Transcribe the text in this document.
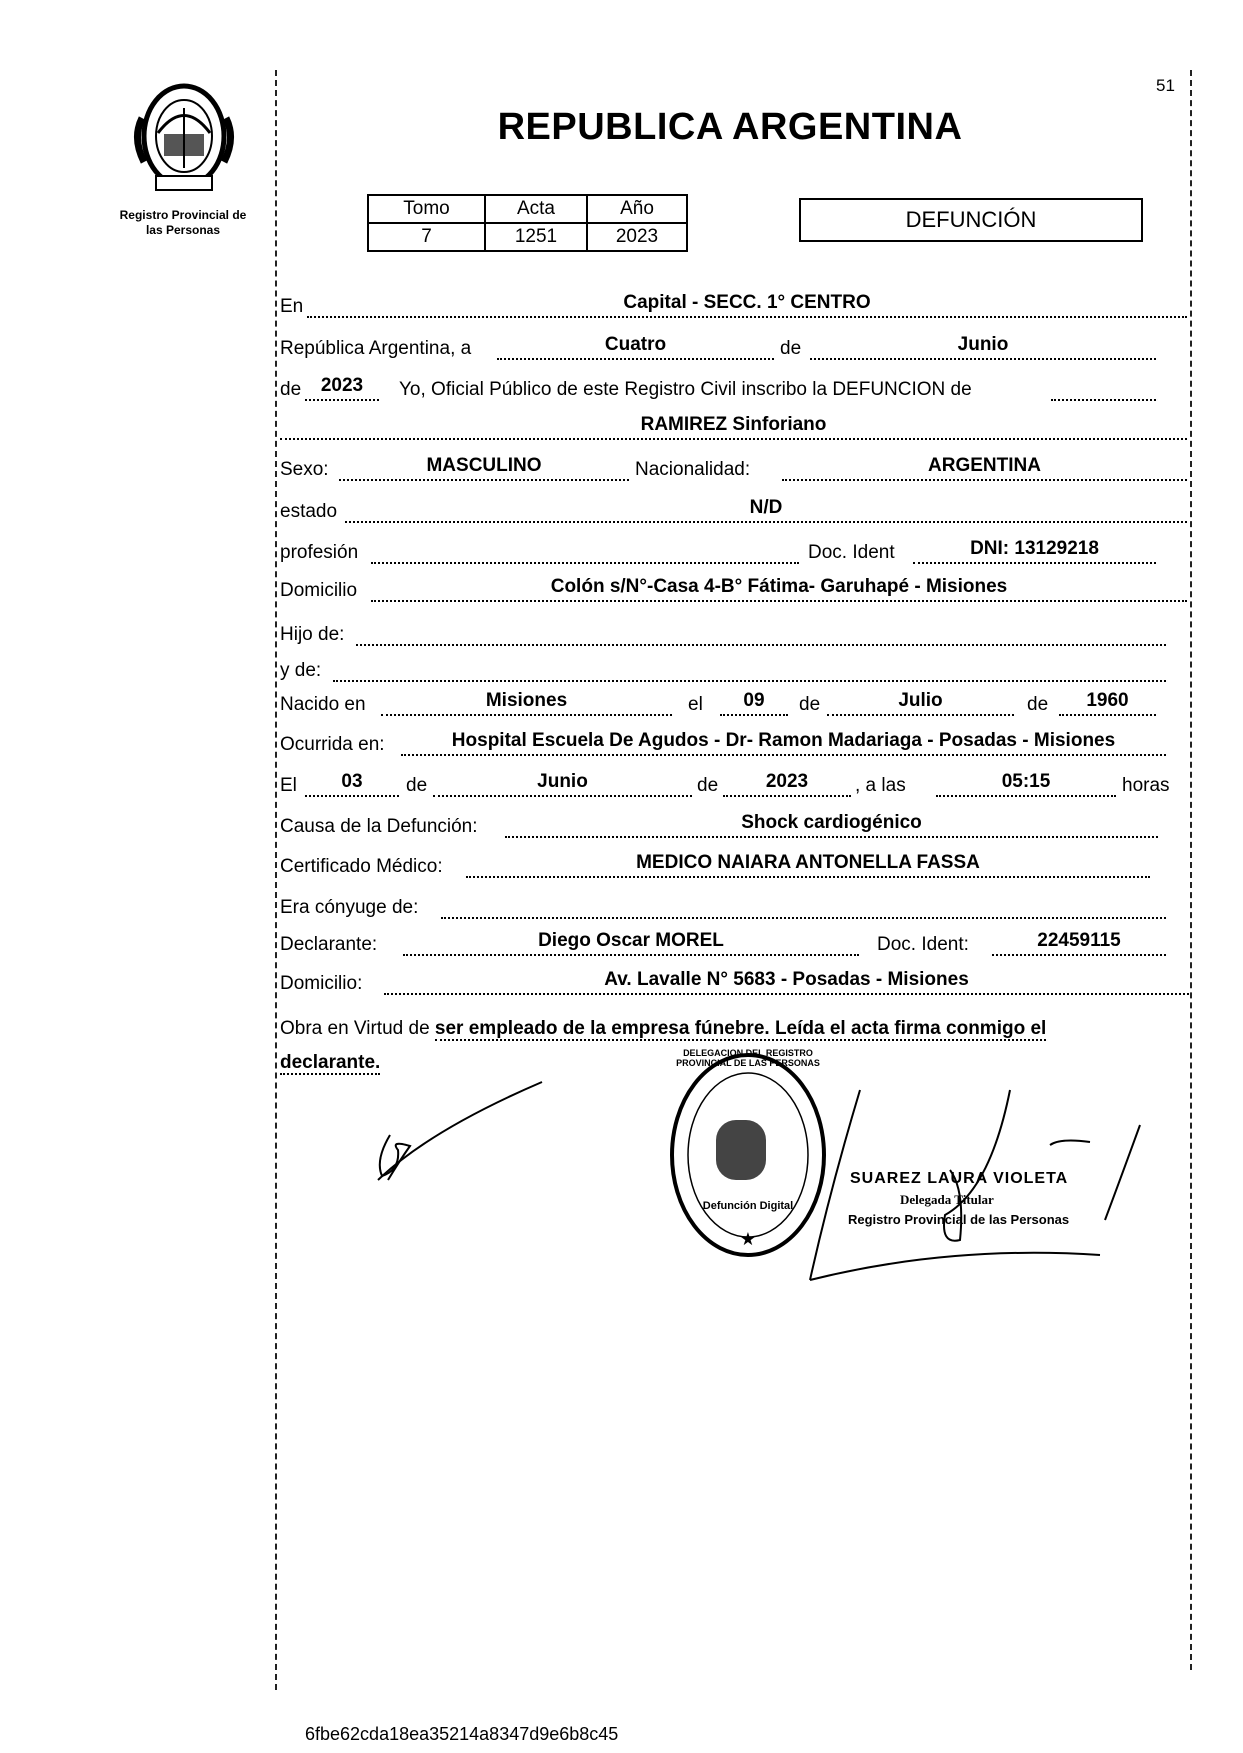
Registro Provincial de
las Personas
51
REPUBLICA ARGENTINA
Tomo	Acta	Año
7	1251	2023
DEFUNCIÓN
En	Capital - SECC. 1° CENTRO
República Argentina, a	Cuatro	de	Junio
de	2023	Yo, Oficial Público de este Registro Civil inscribo la DEFUNCION de
RAMIREZ Sinforiano
Sexo:	MASCULINO	Nacionalidad:	ARGENTINA
estado	N/D
profesión	Doc. Ident	DNI: 13129218
Domicilio	Colón s/N°-Casa 4-B° Fátima- Garuhapé - Misiones
Hijo de:
y de:
Nacido en	Misiones	el	09	de	Julio	de	1960
Ocurrida en:	Hospital Escuela De Agudos - Dr- Ramon Madariaga - Posadas - Misiones
El	03	de	Junio	de	2023	, a las	05:15	horas
Causa de la Defunción:	Shock cardiogénico
Certificado Médico:	MEDICO NAIARA ANTONELLA FASSA
Era cónyuge de:
Declarante:	Diego Oscar MOREL	Doc. Ident:	22459115
Domicilio:	Av. Lavalle N° 5683 - Posadas - Misiones
Obra en Virtud de ser empleado de la empresa fúnebre. Leída el acta firma conmigo el
declarante.
★
DELEGACION DEL REGISTRO PROVINCIAL DE LAS PERSONAS
Defunción Digital
SUAREZ LAURA VIOLETA
Delegada Titular
Registro Provincial de las Personas
6fbe62cda18ea35214a8347d9e6b8c45
